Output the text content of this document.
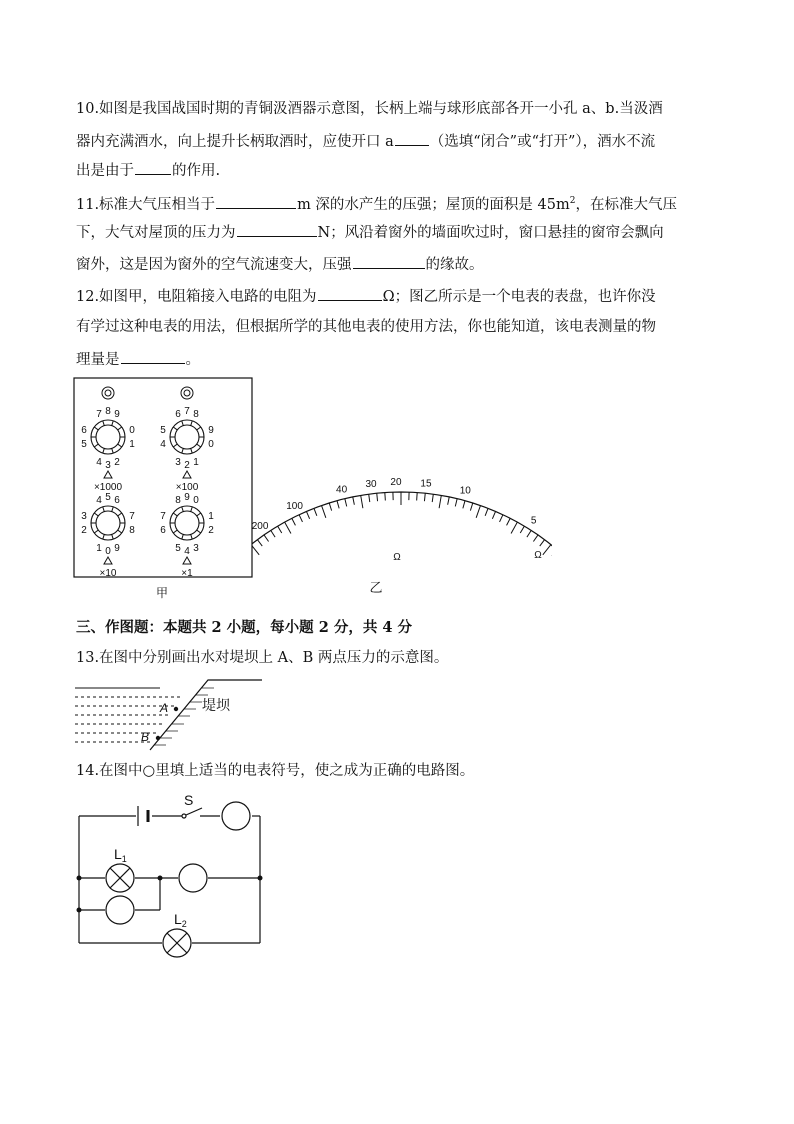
10.如图是我国战国时期的青铜汲酒器示意图，长柄上端与球形底部各开一小孔 a、b.当汲酒
器内充满酒水，向上提升长柄取酒时，应使开口 a （选填“闭合”或“打开”），酒水不流
出是由于	的作用.
11.标准大气压相当于	m 深的水产生的压强；屋顶的面积是 $45m^2$，在标准大气压
下，大气对屋顶的压力为	N；风沿着窗外的墙面吹过时，窗口悬挂的窗帘会飘向
窗外，这是因为窗外的空气流速变大，压强	的缘故。
12.如图甲，电阻箱接入电路的电阻为	Ω；图乙所示是一个电表的表盘，也许你没
有学过这种电表的用法，但根据所学的其他电表的使用方法，你也能知道，该电表测量的物
理量是	。
7 8 9
6
5
0
1
4 3 2
×1000
6 7 8
5
4
9
0
3 2 1
×100
4 5 6
3
2
7
8
1 0 9
×10
8 9 0
7
6
1
2
5 4 3
×1
甲
200
100
40 30 20 15
10
5
Ω	Ω
乙
三、作图题：本题共 2 小题，每小题 2 分，共 4 分
13.在图中分别画出水对堤坝上 A、B 两点压力的示意图。
A
B
堤坝
14.在图中○里填上适当的电表符号，使之成为正确的电路图。
S
$L_1$
$L_2$
